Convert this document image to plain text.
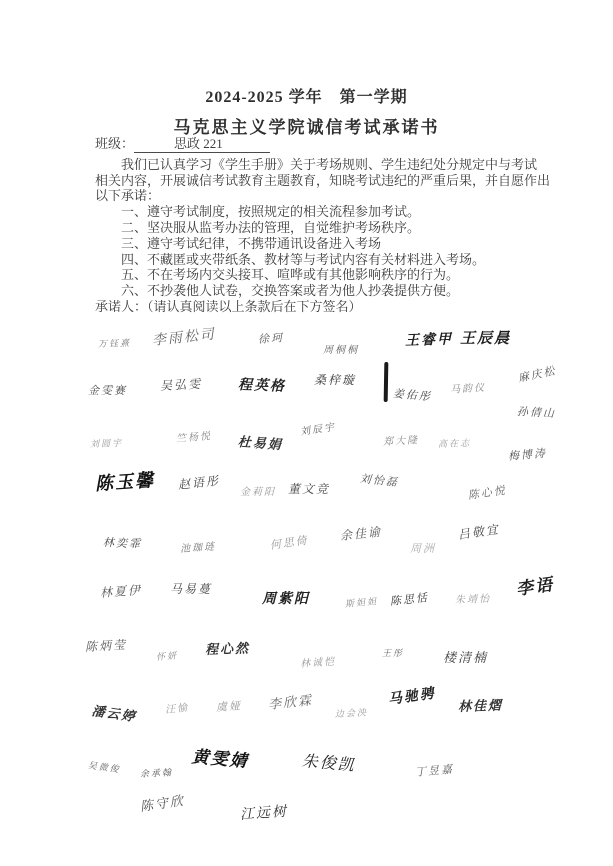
2024-2025 学年　第一学期
马克思主义学院诚信考试承诺书
班级：	思政 221
我们已认真学习《学生手册》关于考场规则、学生违纪处分规定中与考试
相关内容，开展诚信考试教育主题教育，知晓考试违纪的严重后果，并自愿作出
以下承诺：
一、遵守考试制度，按照规定的相关流程参加考试。
二、坚决服从监考办法的管理，自觉维护考场秩序。
三、遵守考试纪律，不携带通讯设备进入考场
四、不藏匿或夹带纸条、教材等与考试内容有关材料进入考场。
五、不在考场内交头接耳、喧哗或有其他影响秩序的行为。
六、不抄袭他人试卷，交换答案或者为他人抄袭提供方便。
承诺人：（请认真阅读以上条款后在下方签名）
万钰熹 李雨松司	徐珂
周桐桐
王睿甲 王辰晨
金雯赛	吴弘雯	程英格 桑梓璇
姜佑彤 马韵仪
麻庆松
孙倩山
刘圆宇	竺杨悦 杜易娟
刘辰宇
郑大隆 高在志
梅博涛
陈玉馨 赵语彤
金莉阳 董文竞	刘怡磊
陈心悦
林奕霏	池珈琏	何思倚 余佳谕
周洲
吕敬宜
林夏伊 马易蔓
周紫阳	斯妲妲 陈思恬	朱靖怡 李语
陈炳莹
怀妍 程心然
林诚恺
王彤	楼清楠
潘云婷	汪愉 虞娅 李欣霖
边会泱
马驰骋 林佳熠
吴微俊 余承翰
黄雯婧	朱俊凯	丁昱嘉
陈守欣	江远树
